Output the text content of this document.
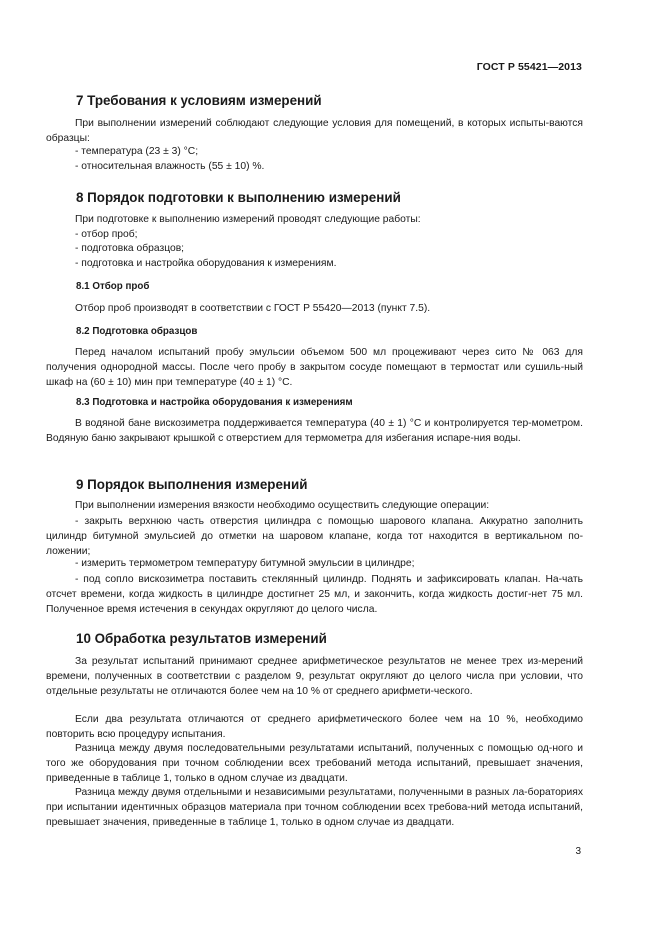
ГОСТ Р 55421—2013
7 Требования к условиям измерений
При выполнении измерений соблюдают следующие условия для помещений, в которых испыты-ваются образцы:
- температура (23 ± 3) °С;
- относительная влажность (55 ± 10) %.
8 Порядок подготовки к выполнению измерений
При подготовке к выполнению измерений проводят следующие работы:
- отбор проб;
- подготовка образцов;
- подготовка и настройка оборудования к измерениям.
8.1 Отбор проб
Отбор проб производят в соответствии с ГОСТ Р 55420—2013 (пункт 7.5).
8.2 Подготовка образцов
Перед началом испытаний пробу эмульсии объемом 500 мл процеживают через сито № 063 для получения однородной массы. После чего пробу в закрытом сосуде помещают в термостат или сушиль-ный шкаф на (60 ± 10) мин при температуре (40 ± 1) °С.
8.3 Подготовка и настройка оборудования к измерениям
В водяной бане вискозиметра поддерживается температура (40 ± 1) °С и контролируется тер-мометром. Водяную баню закрывают крышкой с отверстием для термометра для избегания испаре-ния воды.
9 Порядок выполнения измерений
При выполнении измерения вязкости необходимо осуществить следующие операции:
- закрыть верхнюю часть отверстия цилиндра с помощью шарового клапана. Аккуратно заполнить цилиндр битумной эмульсией до отметки на шаровом клапане, когда тот находится в вертикальном по-ложении;
- измерить термометром температуру битумной эмульсии в цилиндре;
- под сопло вискозиметра поставить стеклянный цилиндр. Поднять и зафиксировать клапан. На-чать отсчет времени, когда жидкость в цилиндре достигнет 25 мл, и закончить, когда жидкость достиг-нет 75 мл. Полученное время истечения в секундах округляют до целого числа.
10 Обработка результатов измерений
За результат испытаний принимают среднее арифметическое результатов не менее трех из-мерений времени, полученных в соответствии с разделом 9, результат округляют до целого числа при условии, что отдельные результаты не отличаются более чем на 10 % от среднего арифмети-ческого.
Если два результата отличаются от среднего арифметического более чем на 10 %, необходимо повторить всю процедуру испытания.
Разница между двумя последовательными результатами испытаний, полученных с помощью од-ного и того же оборудования при точном соблюдении всех требований метода испытаний, превышает значения, приведенные в таблице 1, только в одном случае из двадцати.
Разница между двумя отдельными и независимыми результатами, полученными в разных ла-бораториях при испытании идентичных образцов материала при точном соблюдении всех требова-ний метода испытаний, превышает значения, приведенные в таблице 1, только в одном случае из двадцати.
3
